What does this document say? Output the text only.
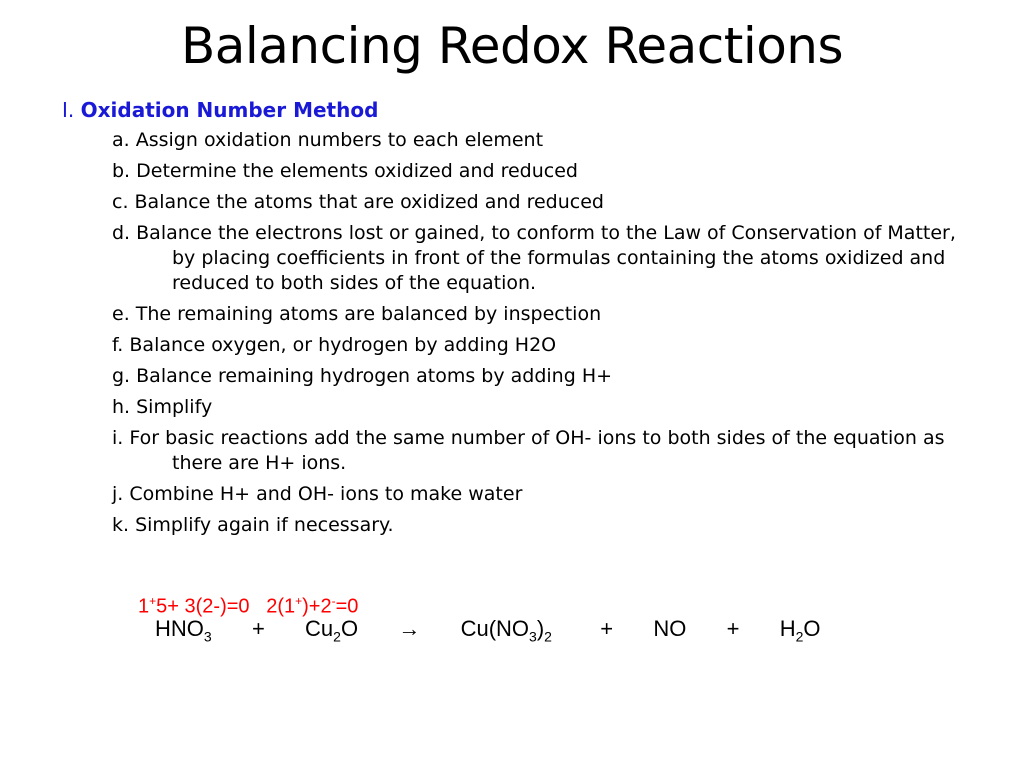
Balancing Redox Reactions
I. Oxidation Number Method
a. Assign oxidation numbers to each element
b. Determine the elements oxidized and reduced
c. Balance the atoms that are oxidized and reduced
d. Balance the electrons lost or gained, to conform to the Law of Conservation of Matter, by placing coefficients in front of the formulas containing the atoms oxidized and reduced to both sides of the equation.
e. The remaining atoms are balanced by inspection
f. Balance oxygen, or hydrogen by adding H2O
g. Balance remaining hydrogen atoms by adding H+
h. Simplify
i. For basic reactions add the same number of OH- ions to both sides of the equation as there are H+ ions.
j. Combine H+ and OH- ions to make water
k. Simplify again if necessary.
1+5+ 3(2-)=0 2(1+)+2-=0
$HNO_3 + Cu_2O \to Cu(NO_3)_2$ + NO + $H_2O$
